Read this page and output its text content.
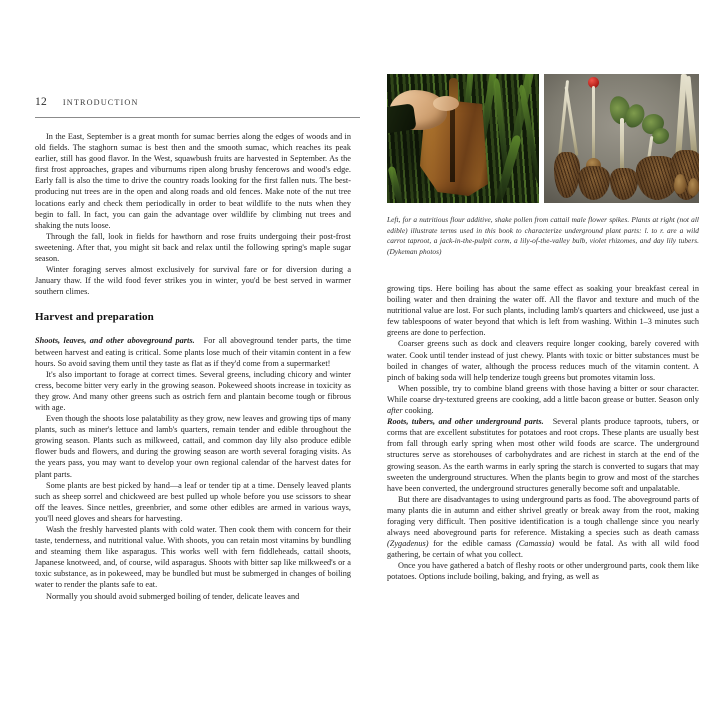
12 INTRODUCTION

In the East, September is a great month for sumac berries along the edges of woods and in old fields. The staghorn sumac is best then and the smooth sumac, which reaches its peak earlier, still has good flavor. In the West, squawbush fruits are harvested in September. As the first frost approaches, grapes and viburnums ripen along brushy fencerows and wood's edge. Early fall is also the time to drive the country roads looking for the first fallen nuts. The best-producing nut trees are in the open and along roads and old fences. Make note of the nut tree locations early and check them periodically in order to beat wildlife to the nuts when they begin to fall. In fact, you can gain the advantage over wildlife by climbing nut trees and shaking the nuts loose.

Through the fall, look in fields for hawthorn and rose fruits undergoing their post-frost sweetening. After that, you might sit back and relax until the following spring's maple sugar season.

Winter foraging serves almost exclusively for survival fare or for diversion during a January thaw. If the wild food fever strikes you in winter, you'd be best served in warmer southern climes.

Harvest and preparation

Shoots, leaves, and other aboveground parts. For all aboveground tender parts, the time between harvest and eating is critical. Some plants lose much of their vitamin content in a few hours. So avoid saving them until they taste as flat as if they'd come from a supermarket!

It's also important to forage at correct times. Several greens, including chicory and winter cress, become bitter very early in the growing season. Pokeweed shoots increase in toxicity as they grow. And many other greens such as ostrich fern and plantain become tough or fibrous with age.

Even though the shoots lose palatability as they grow, new leaves and growing tips of many plants, such as miner's lettuce and lamb's quarters, remain tender and edible throughout the growing season. Plants such as milkweed, cattail, and common day lily also produce edible flower buds and flowers, and during the growing season are worth several foraging visits. As the years pass, you may want to develop your own regional calendar of the harvest dates for plant parts.

Some plants are best picked by hand—a leaf or tender tip at a time. Densely leaved plants such as sheep sorrel and chickweed are best pulled up whole before you use scissors to shear off the leaves. Since nettles, greenbrier, and some other edibles are armed in various ways, you'll need gloves and shears for harvesting.

Wash the freshly harvested plants with cold water. Then cook them with concern for their taste, tenderness, and nutritional value. With shoots, you can retain most vitamins by bundling and steaming them like asparagus. This works well with fern fiddleheads, cattail shoots, Japanese knotweed, and, of course, wild asparagus. Shoots with bitter sap like milkweed's or a toxic substance, as in pokeweed, may be bundled but must be submerged in changes of boiling water to render the plants safe to eat.

Normally you should avoid submerged boiling of tender, delicate leaves and

Left, for a nutritious flour additive, shake pollen from cattail male flower spikes. Plants at right (not all edible) illustrate terms used in this book to characterize underground plant parts: l. to r. are a wild carrot taproot, a jack-in-the-pulpit corm, a lily-of-the-valley bulb, violet rhizomes, and day lily tubers. (Dykeman photos)

growing tips. Here boiling has about the same effect as soaking your breakfast cereal in boiling water and then draining the water off. All the flavor and texture and much of the nutritional value are lost. For such plants, including lamb's quarters and chickweed, use just a few tablespoons of water beyond that which is left from washing. Within 1–3 minutes such greens are done to perfection.

Coarser greens such as dock and cleavers require longer cooking, barely covered with water. Cook until tender instead of just chewy. Plants with toxic or bitter substances must be boiled in changes of water, although the process reduces much of the vitamin content. A pinch of baking soda will help tenderize tough greens but promotes vitamin loss.

When possible, try to combine bland greens with those having a bitter or sour character. While coarse dry-textured greens are cooking, add a little bacon grease or butter. Season only after cooking.

Roots, tubers, and other underground parts. Several plants produce taproots, tubers, or corms that are excellent substitutes for potatoes and root crops. These plants are usually best from fall through early spring when most other wild foods are scarce. The underground structures serve as storehouses of carbohydrates and are richest in starch at the end of the growing season. As the earth warms in early spring the starch is converted to sugars that may sweeten the underground structures. When the plants begin to grow and most of the starches have been converted, the underground structures generally become soft and unpalatable.

But there are disadvantages to using underground parts as food. The aboveground parts of many plants die in autumn and either shrivel greatly or break away from the root, making foraging very difficult. Then positive identification is a tough challenge since you nearly always need aboveground parts for reference. Mistaking a species such as death camass (Zygadenus) for the edible camass (Camassia) would be fatal. As with all wild food gathering, be certain of what you collect.

Once you have gathered a batch of fleshy roots or other underground parts, cook them like potatoes. Options include boiling, baking, and frying, as well as
